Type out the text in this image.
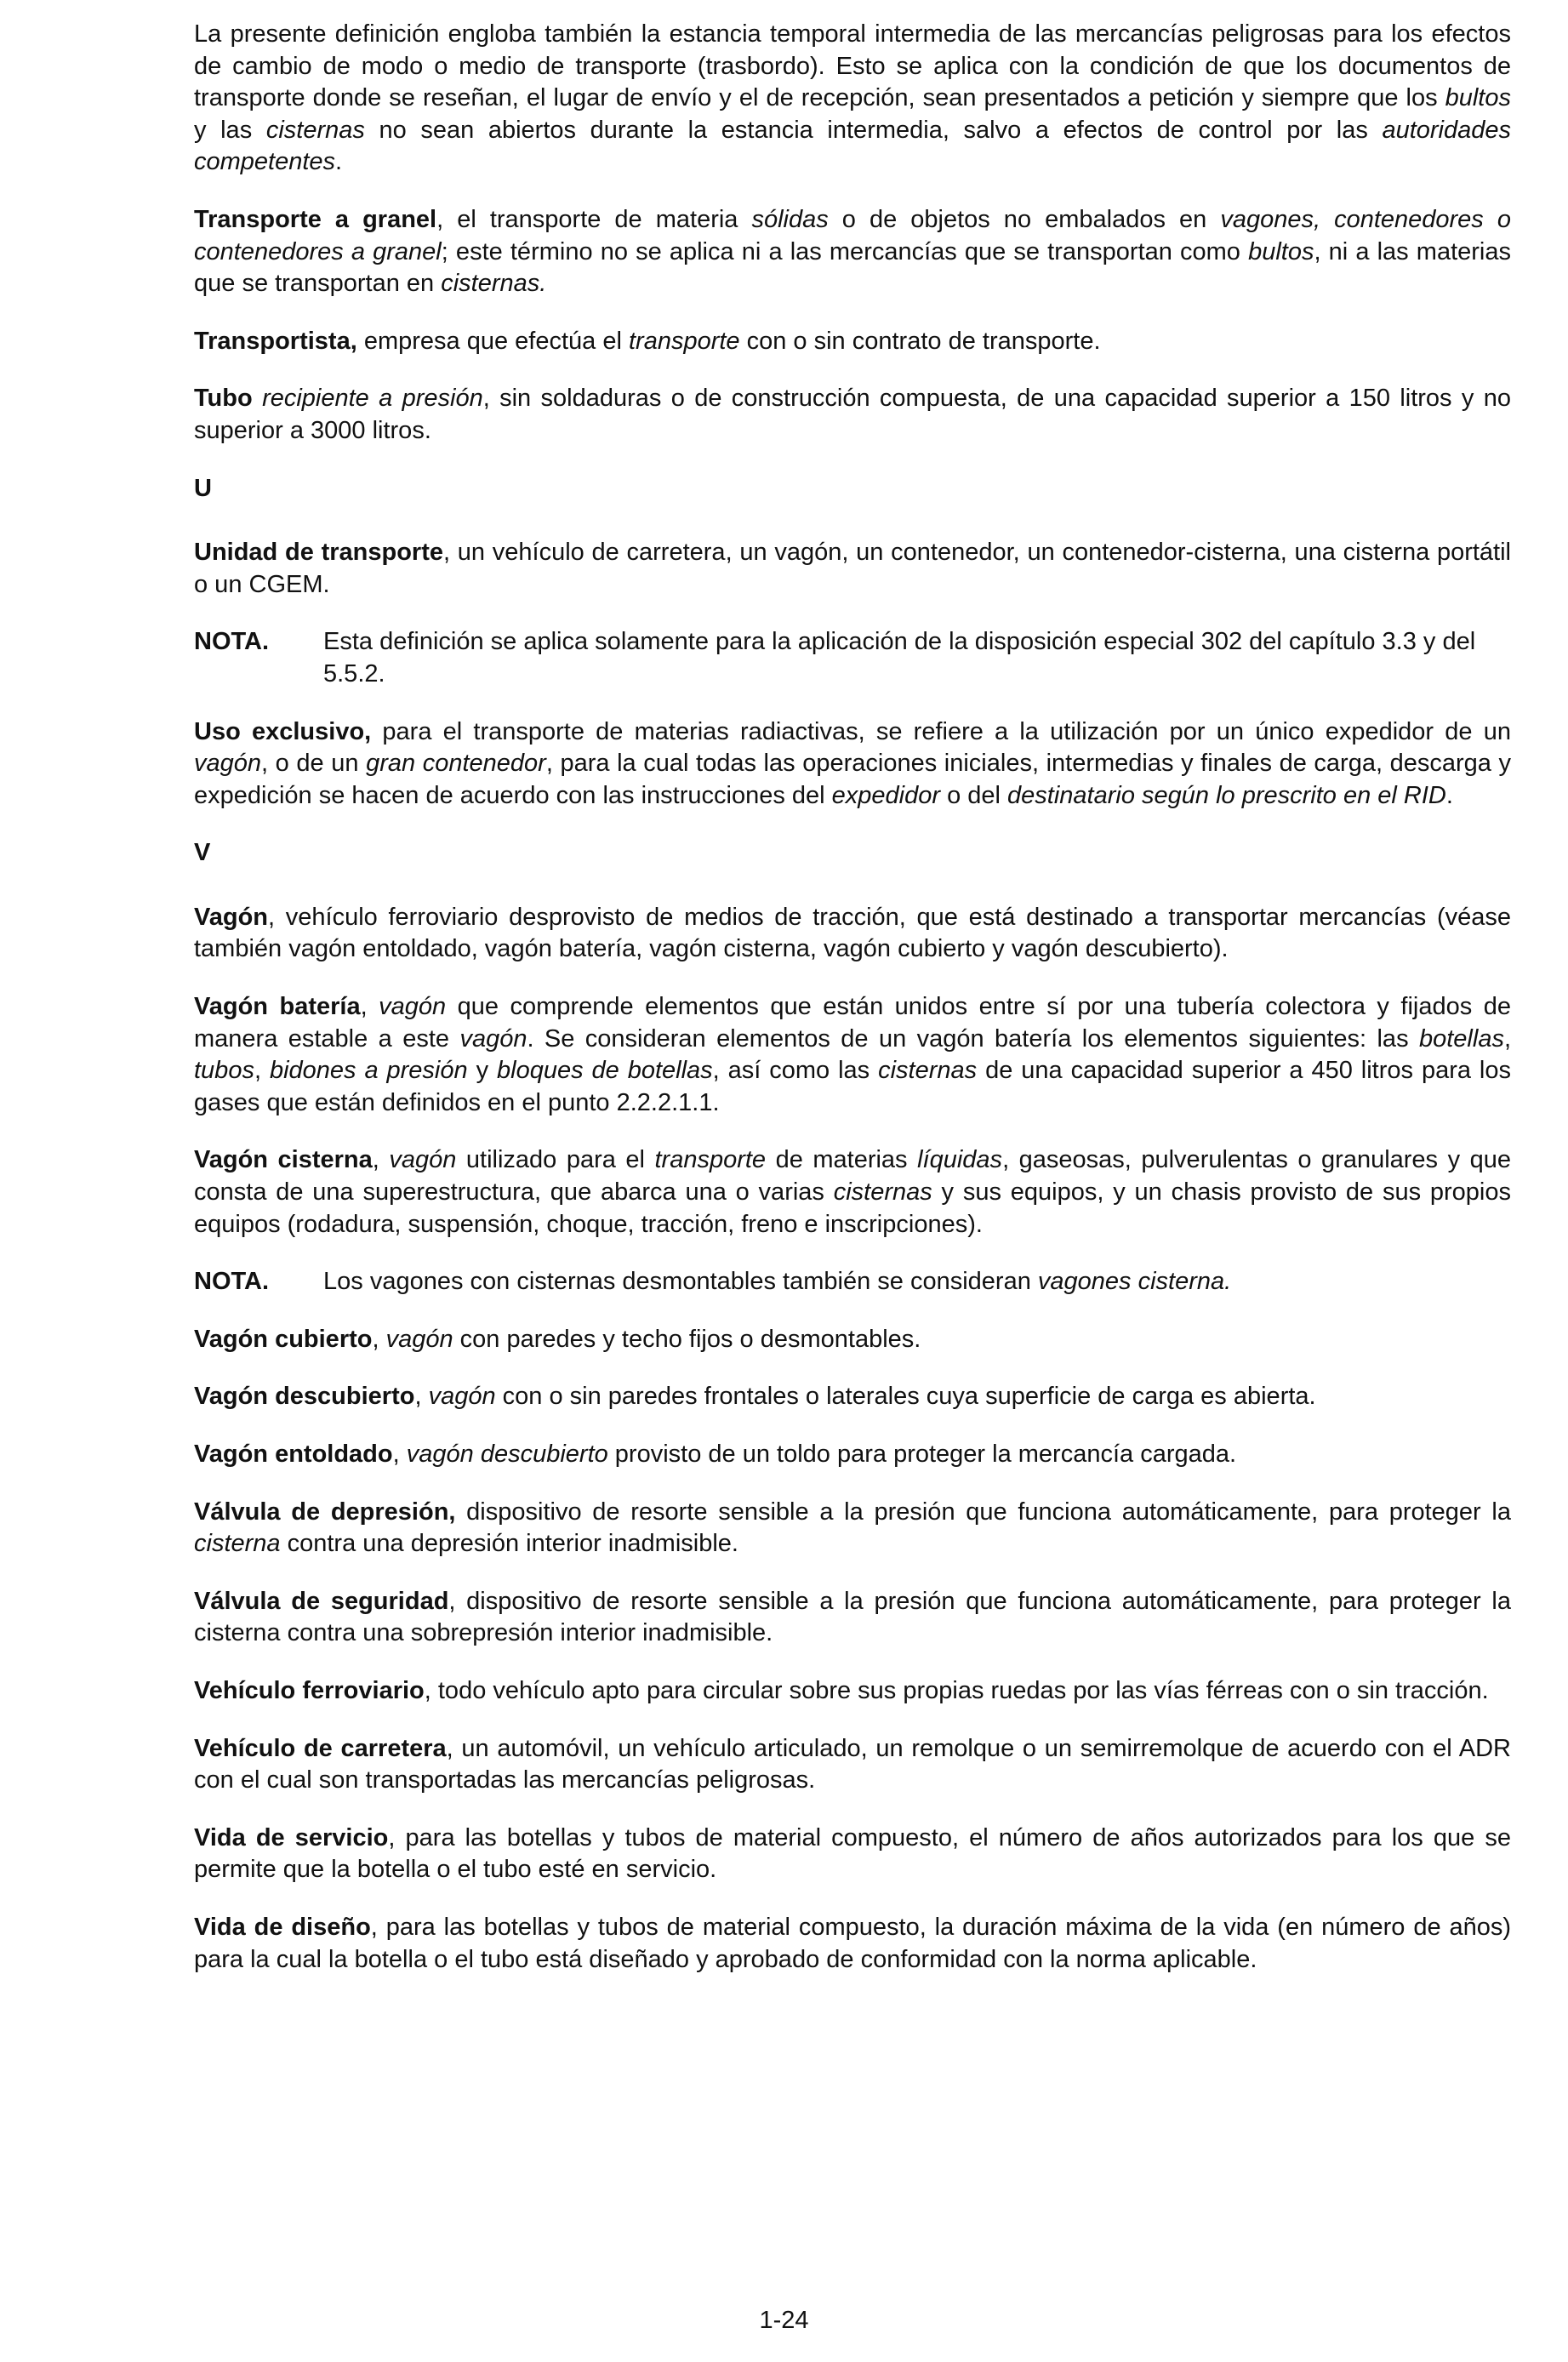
La presente definición engloba también la estancia temporal intermedia de las mercancías peligrosas para los efectos de cambio de modo o medio de transporte (trasbordo). Esto se aplica con la condición de que los documentos de transporte donde se reseñan, el lugar de envío y el de recepción, sean presentados a petición y siempre que los bultos y las cisternas no sean abiertos durante la estancia intermedia, salvo a efectos de control por las autoridades competentes.

Transporte a granel, el transporte de materia sólidas o de objetos no embalados en vagones, contenedores o contenedores a granel; este término no se aplica ni a las mercancías que se transportan como bultos, ni a las materias que se transportan en cisternas.

Transportista, empresa que efectúa el transporte con o sin contrato de transporte.

Tubo recipiente a presión, sin soldaduras o de construcción compuesta, de una capacidad superior a 150 litros y no superior a 3000 litros.

U

Unidad de transporte, un vehículo de carretera, un vagón, un contenedor, un contenedor-cisterna, una cisterna portátil o un CGEM.

NOTA.	Esta definición se aplica solamente para la aplicación de la disposición especial 302 del capítulo 3.3 y del 5.5.2.

Uso exclusivo, para el transporte de materias radiactivas, se refiere a la utilización por un único expedidor de un vagón, o de un gran contenedor, para la cual todas las operaciones iniciales, intermedias y finales de carga, descarga y expedición se hacen de acuerdo con las instrucciones del expedidor o del destinatario según lo prescrito en el RID.

V

Vagón, vehículo ferroviario desprovisto de medios de tracción, que está destinado a transportar mercancías (véase también vagón entoldado, vagón batería, vagón cisterna, vagón cubierto y vagón descubierto).

Vagón batería, vagón que comprende elementos que están unidos entre sí por una tubería colectora y fijados de manera estable a este vagón. Se consideran elementos de un vagón batería los elementos siguientes: las botellas, tubos, bidones a presión y bloques de botellas, así como las cisternas de una capacidad superior a 450 litros para los gases que están definidos en el punto 2.2.2.1.1.

Vagón cisterna, vagón utilizado para el transporte de materias líquidas, gaseosas, pulverulentas o granulares y que consta de una superestructura, que abarca una o varias cisternas y sus equipos, y un chasis provisto de sus propios equipos (rodadura, suspensión, choque, tracción, freno e inscripciones).

NOTA.	Los vagones con cisternas desmontables también se consideran vagones cisterna.

Vagón cubierto, vagón con paredes y techo fijos o desmontables.

Vagón descubierto, vagón con o sin paredes frontales o laterales cuya superficie de carga es abierta.

Vagón entoldado, vagón descubierto provisto de un toldo para proteger la mercancía cargada.

Válvula de depresión, dispositivo de resorte sensible a la presión que funciona automáticamente, para proteger la cisterna contra una depresión interior inadmisible.

Válvula de seguridad, dispositivo de resorte sensible a la presión que funciona automáticamente, para proteger la cisterna contra una sobrepresión interior inadmisible.

Vehículo ferroviario, todo vehículo apto para circular sobre sus propias ruedas por las vías férreas con o sin tracción.

Vehículo de carretera, un automóvil, un vehículo articulado, un remolque o un semirremolque de acuerdo con el ADR con el cual son transportadas las mercancías peligrosas.

Vida de servicio, para las botellas y tubos de material compuesto, el número de años autorizados para los que se permite que la botella o el tubo esté en servicio.

Vida de diseño, para las botellas y tubos de material compuesto, la duración máxima de la vida (en número de años) para la cual la botella o el tubo está diseñado y aprobado de conformidad con la norma aplicable.

1-24
